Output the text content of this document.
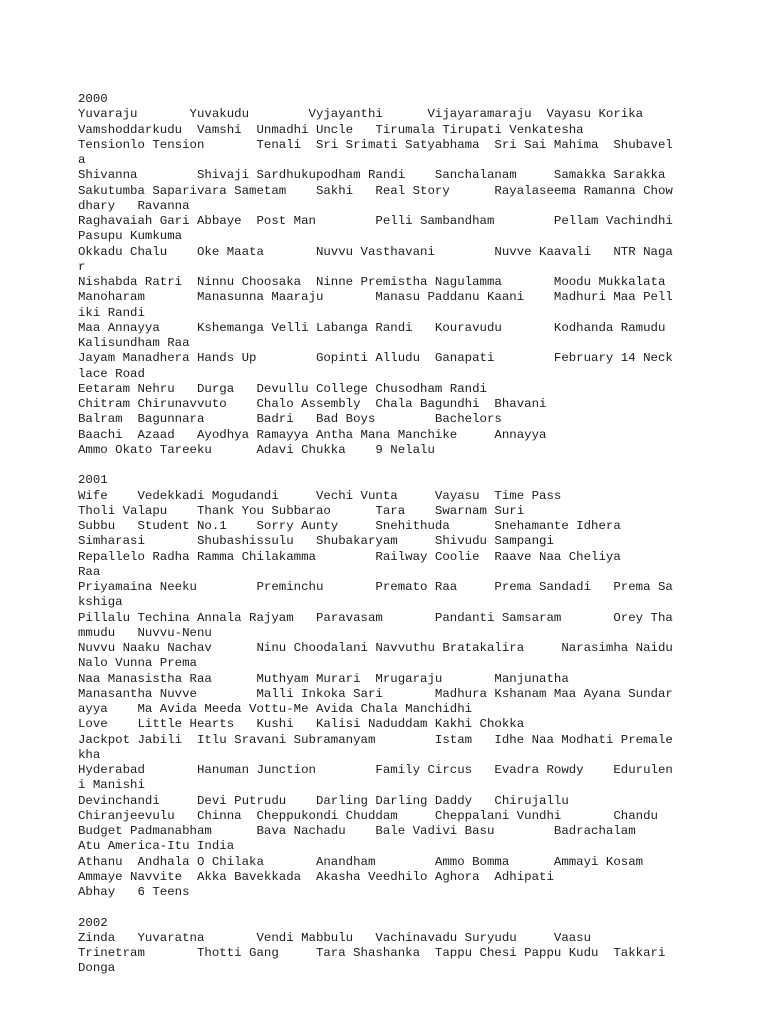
2000
Yuvaraju       Yuvakudu        Vyjayanthi      Vijayaramaraju  Vayasu Korika
Vamshoddarkudu  Vamshi  Unmadhi Uncle   Tirumala Tirupati Venkatesha
Tensionlo Tension       Tenali  Sri Srimati Satyabhama  Sri Sai Mahima  Shubavel
a
Shivanna        Shivaji Sardhukupodham Randi    Sanchalanam     Samakka Sarakka
Sakutumba Saparivara Sametam    Sakhi   Real Story      Rayalaseema Ramanna Chow
dhary   Ravanna
Raghavaiah Gari Abbaye  Post Man        Pelli Sambandham        Pellam Vachindhi
Pasupu Kumkuma
Okkadu Chalu    Oke Maata       Nuvvu Vasthavani        Nuvve Kaavali   NTR Naga
r
Nishabda Ratri  Ninnu Choosaka  Ninne Premistha Nagulamma       Moodu Mukkalata
Manoharam       Manasunna Maaraju       Manasu Paddanu Kaani    Madhuri Maa Pell
iki Randi
Maa Annayya     Kshemanga Velli Labanga Randi   Kouravudu       Kodhanda Ramudu
Kalisundham Raa
Jayam Manadhera Hands Up        Gopinti Alludu  Ganapati        February 14 Neck
lace Road
Eetaram Nehru   Durga   Devullu College Chusodham Randi
Chitram Chirunavvuto    Chalo Assembly  Chala Bagundhi  Bhavani
Balram  Bagunnara       Badri   Bad Boys        Bachelors
Baachi  Azaad   Ayodhya Ramayya Antha Mana Manchike     Annayya
Ammo Okato Tareeku      Adavi Chukka    9 Nelalu
2001
Wife    Vedekkadi Mogudandi     Vechi Vunta     Vayasu  Time Pass
Tholi Valapu    Thank You Subbarao      Tara    Swarnam Suri
Subbu   Student No.1    Sorry Aunty     Snehithuda      Snehamante Idhera
Simharasi       Shubashissulu   Shubakaryam     Shivudu Sampangi
Repallelo Radha Ramma Chilakamma        Railway Coolie  Raave Naa Cheliya
Raa
Priyamaina Neeku        Preminchu       Premato Raa     Prema Sandadi   Prema Sa
kshiga
Pillalu Techina Annala Rajyam   Paravasam       Pandanti Samsaram       Orey Tha
mmudu   Nuvvu-Nenu
Nuvvu Naaku Nachav      Ninu Choodalani Navvuthu Bratakalira     Narasimha Naidu
Nalo Vunna Prema
Naa Manasistha Raa      Muthyam Murari  Mrugaraju       Manjunatha
Manasantha Nuvve        Malli Inkoka Sari       Madhura Kshanam Maa Ayana Sundar
ayya    Ma Avida Meeda Vottu-Me Avida Chala Manchidhi
Love    Little Hearts   Kushi   Kalisi Naduddam Kakhi Chokka
Jackpot Jabili  Itlu Sravani Subramanyam        Istam   Idhe Naa Modhati Premale
kha
Hyderabad       Hanuman Junction        Family Circus   Evadra Rowdy    Edurulen
i Manishi
Devinchandi     Devi Putrudu    Darling Darling Daddy   Chirujallu
Chiranjeevulu   Chinna  Cheppukondi Chuddam     Cheppalani Vundhi       Chandu
Budget Padmanabham      Bava Nachadu    Bale Vadivi Basu        Badrachalam
Atu America-Itu India
Athanu  Andhala O Chilaka       Anandham        Ammo Bomma      Ammayi Kosam
Ammaye Navvite  Akka Bavekkada  Akasha Veedhilo Aghora  Adhipati
Abhay   6 Teens
2002
Zinda   Yuvaratna       Vendi Mabbulu   Vachinavadu Suryudu     Vaasu
Trinetram       Thotti Gang     Tara Shashanka  Tappu Chesi Pappu Kudu  Takkari
Donga
